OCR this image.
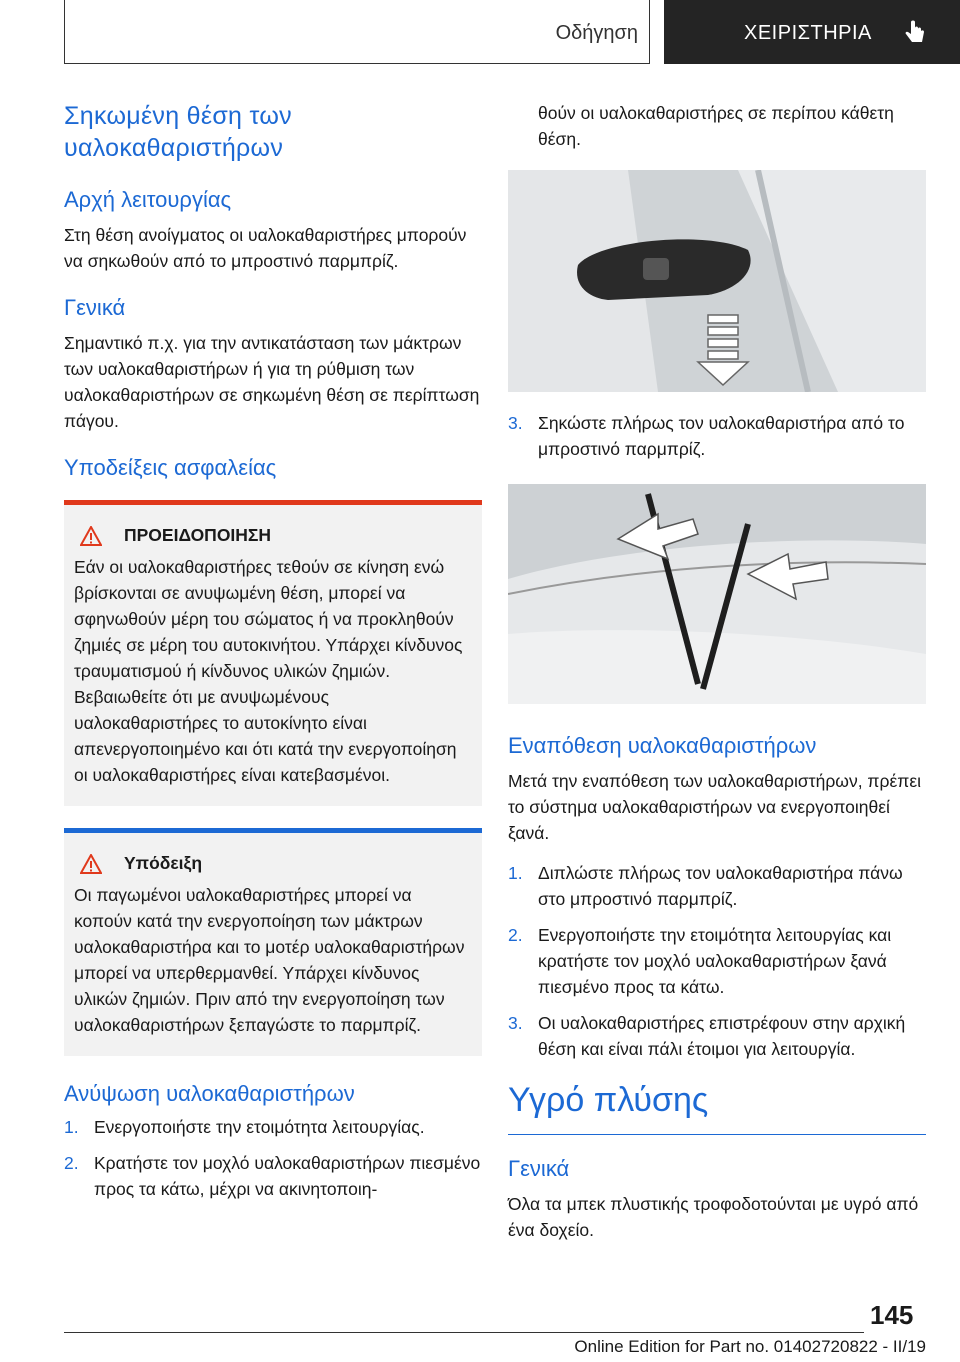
Οδήγηση	ΧΕΙΡΙΣΤΗΡΙΑ
Σηκωμένη θέση των υαλοκαθαριστήρων
Αρχή λειτουργίας

Στη θέση ανοίγματος οι υαλοκαθαριστήρες μπορούν να σηκωθούν από το μπροστινό παρμπρίζ.

Γενικά

Σημαντικό π.χ. για την αντικατάσταση των μάκτρων των υαλοκαθαριστήρων ή για τη ρύθμιση των υαλοκαθαριστήρων σε σηκωμένη θέση σε περίπτωση πάγου.

Υποδείξεις ασφαλείας
ΠΡΟΕΙΔΟΠΟΙΗΣΗ
Εάν οι υαλοκαθαριστήρες τεθούν σε κίνηση ενώ βρίσκονται σε ανυψωμένη θέση, μπορεί να σφηνωθούν μέρη του σώματος ή να προκληθούν ζημιές σε μέρη του αυτοκινήτου. Υπάρχει κίνδυνος τραυματισμού ή κίνδυνος υλικών ζημιών. Βεβαιωθείτε ότι με ανυψωμένους υαλοκαθαριστήρες το αυτοκίνητο είναι απενεργοποιημένο και ότι κατά την ενεργοποίηση οι υαλοκαθαριστήρες είναι κατεβασμένοι.
Υπόδειξη
Οι παγωμένοι υαλοκαθαριστήρες μπορεί να κοπούν κατά την ενεργοποίηση των μάκτρων υαλοκαθαριστήρα και το μοτέρ υαλοκαθαριστήρων μπορεί να υπερθερμανθεί. Υπάρχει κίνδυνος υλικών ζημιών. Πριν από την ενεργοποίηση των υαλοκαθαριστήρων ξεπαγώστε το παρμπρίζ.
Ανύψωση υαλοκαθαριστήρων
1. Ενεργοποιήστε την ετοιμότητα λειτουργίας.
2. Κρατήστε τον μοχλό υαλοκαθαριστήρων πιεσμένο προς τα κάτω, μέχρι να ακινητοποιη-

θούν οι υαλοκαθαριστήρες σε περίπου κάθετη θέση.

3. Σηκώστε πλήρως τον υαλοκαθαριστήρα από το μπροστινό παρμπρίζ.
Εναπόθεση υαλοκαθαριστήρων

Μετά την εναπόθεση των υαλοκαθαριστήρων, πρέπει το σύστημα υαλοκαθαριστήρων να ενεργοποιηθεί ξανά.

1. Διπλώστε πλήρως τον υαλοκαθαριστήρα πάνω στο μπροστινό παρμπρίζ.
2. Ενεργοποιήστε την ετοιμότητα λειτουργίας και κρατήστε τον μοχλό υαλοκαθαριστήρων ξανά πιεσμένο προς τα κάτω.
3. Οι υαλοκαθαριστήρες επιστρέφουν στην αρχική θέση και είναι πάλι έτοιμοι για λειτουργία.
Υγρό πλύσης
Γενικά

Όλα τα μπεκ πλυστικής τροφοδοτούνται με υγρό από ένα δοχείο.

145
Online Edition for Part no. 01402720822 - II/19
